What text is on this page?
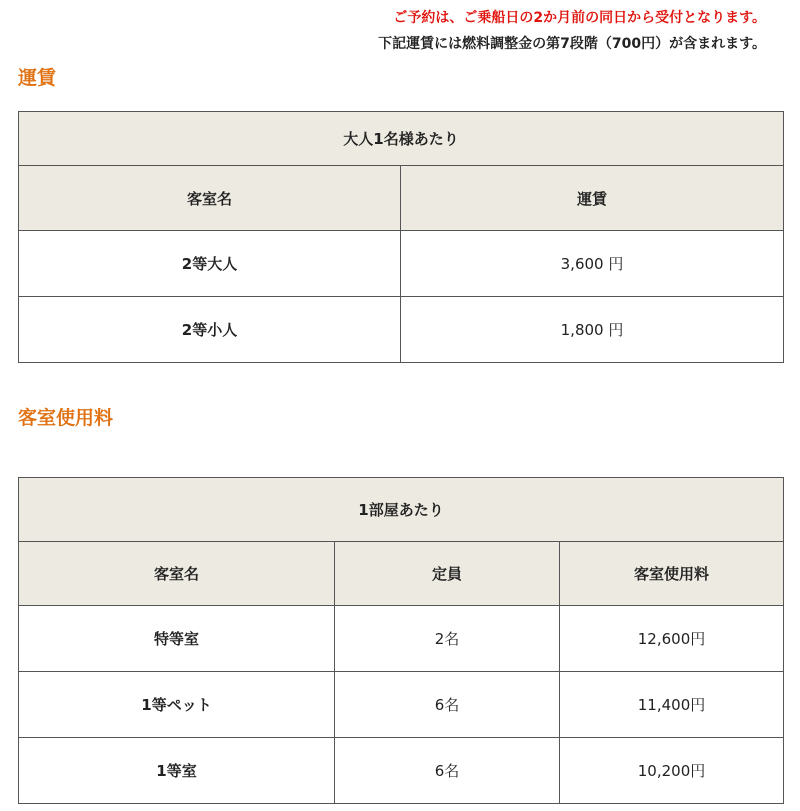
ご予約は、ご乗船日の2か月前の同日から受付となります。
下記運賃には燃料調整金の第7段階（700円）が含まれます。
運賃
大人1名様あたり	
客室名	運賃
2等大人	3,600 円
2等小人	1,800 円
客室使用料
1部屋あたり		
客室名	定員	客室使用料
特等室	2名	12,600円
1等ペット	6名	11,400円
1等室	6名	10,200円
